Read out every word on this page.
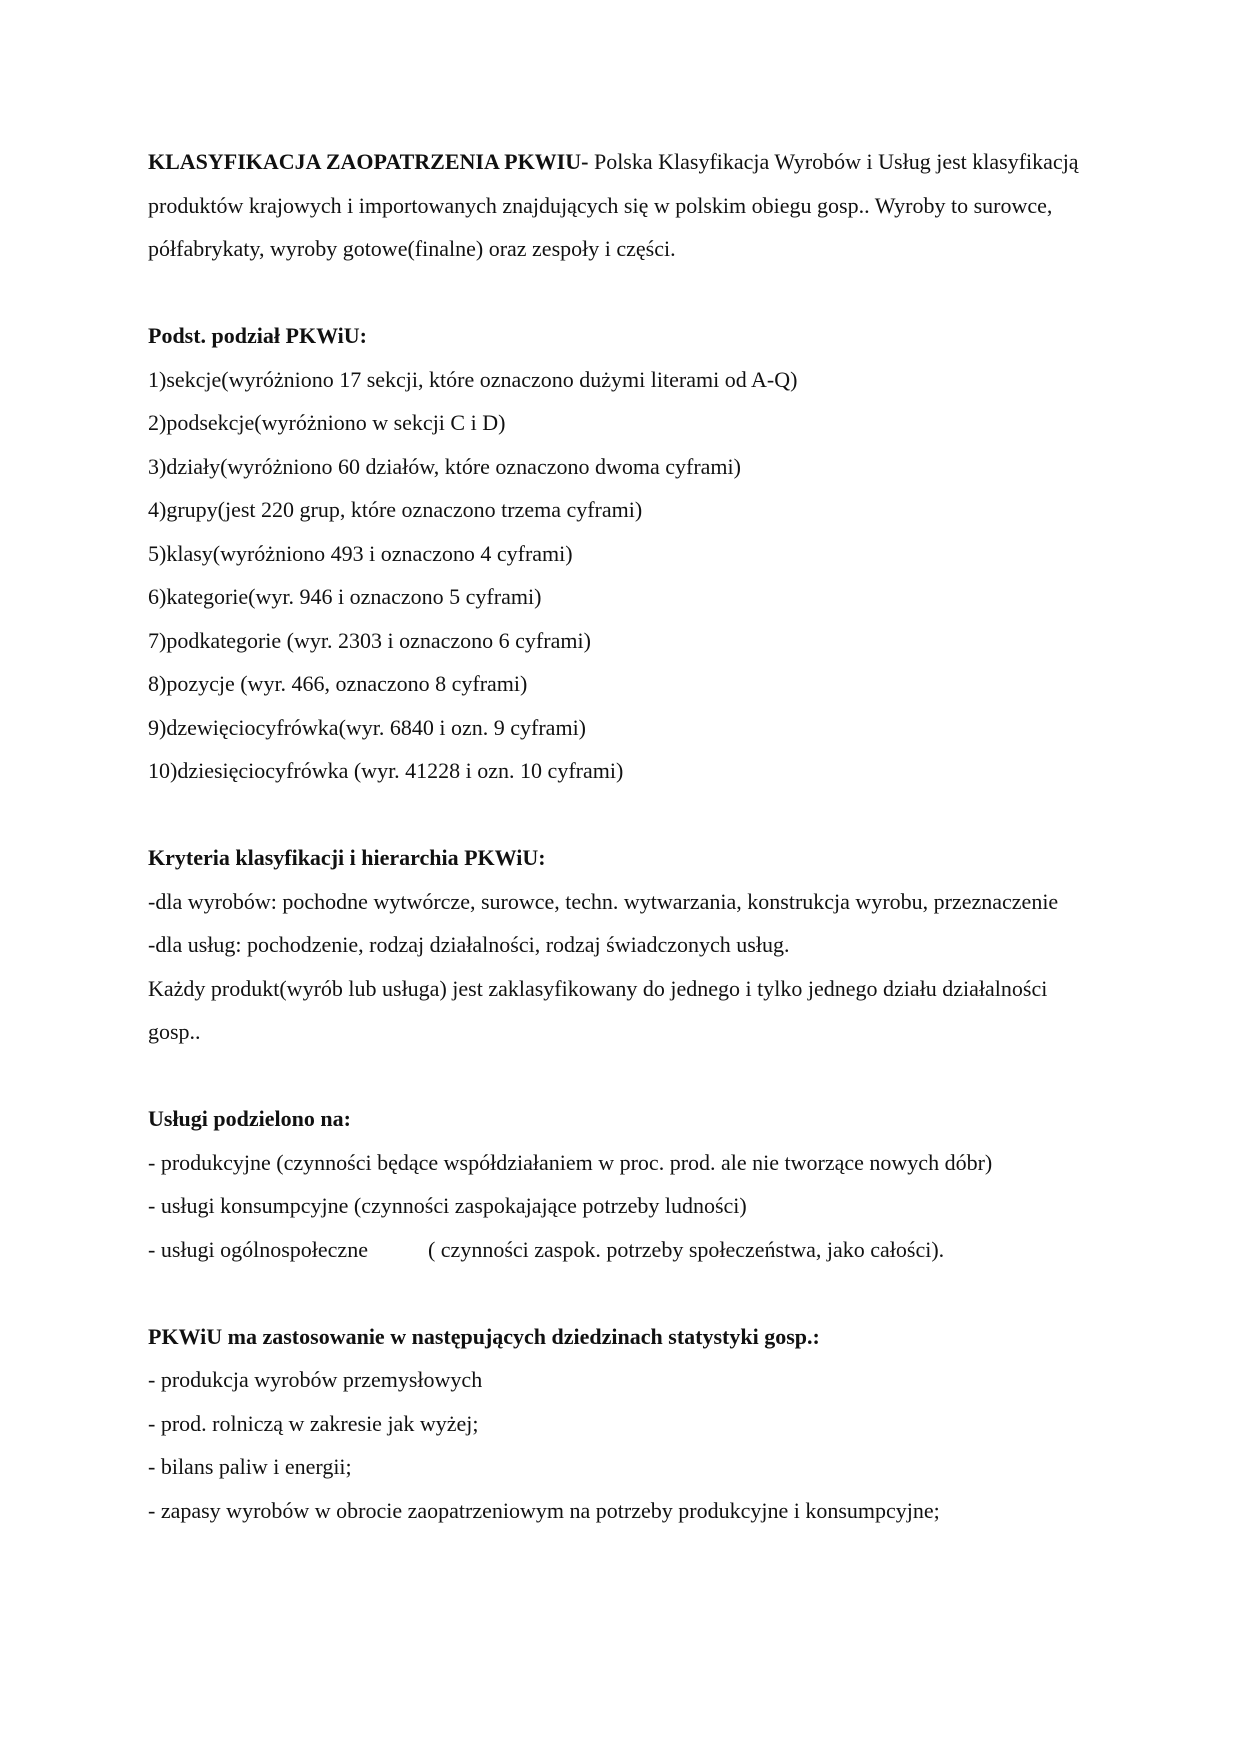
KLASYFIKACJA ZAOPATRZENIA PKWIU- Polska Klasyfikacja Wyrobów i Usług jest klasyfikacją produktów krajowych i importowanych znajdujących się w polskim obiegu gosp.. Wyroby to surowce, półfabrykaty, wyroby gotowe(finalne) oraz zespoły i części.

Podst. podział PKWiU:
1)sekcje(wyróżniono 17 sekcji, które oznaczono dużymi literami od A-Q)
2)podsekcje(wyróżniono w sekcji C i D)
3)działy(wyróżniono 60 działów, które oznaczono dwoma cyframi)
4)grupy(jest 220 grup, które oznaczono trzema cyframi)
5)klasy(wyróżniono 493 i oznaczono 4 cyframi)
6)kategorie(wyr. 946 i oznaczono 5 cyframi)
7)podkategorie (wyr. 2303 i oznaczono 6 cyframi)
8)pozycje (wyr. 466, oznaczono 8 cyframi)
9)dzewięciocyfrówka(wyr. 6840 i ozn. 9 cyframi)
10)dziesięciocyfrówka (wyr. 41228 i ozn. 10 cyframi)
Kryteria klasyfikacji i hierarchia PKWiU:

-dla wyrobów: pochodne wytwórcze, surowce, techn. wytwarzania, konstrukcja wyrobu, przeznaczenie

-dla usług: pochodzenie, rodzaj działalności, rodzaj świadczonych usług.

Każdy produkt(wyrób lub usługa) jest zaklasyfikowany do jednego i tylko jednego działu działalności gosp..

Usługi podzielono na:

- produkcyjne (czynności będące współdziałaniem w proc. prod. ale nie tworzące nowych dóbr)

- usługi konsumpcyjne (czynności zaspokajające potrzeby ludności)

- usługi ogólnospołeczne	( czynności zaspok. potrzeby społeczeństwa, jako całości).
PKWiU ma zastosowanie w następujących dziedzinach statystyki gosp.:
- produkcja wyrobów przemysłowych
- prod. rolniczą w zakresie jak wyżej;
- bilans paliw i energii;
- zapasy wyrobów w obrocie zaopatrzeniowym na potrzeby produkcyjne i konsumpcyjne;
